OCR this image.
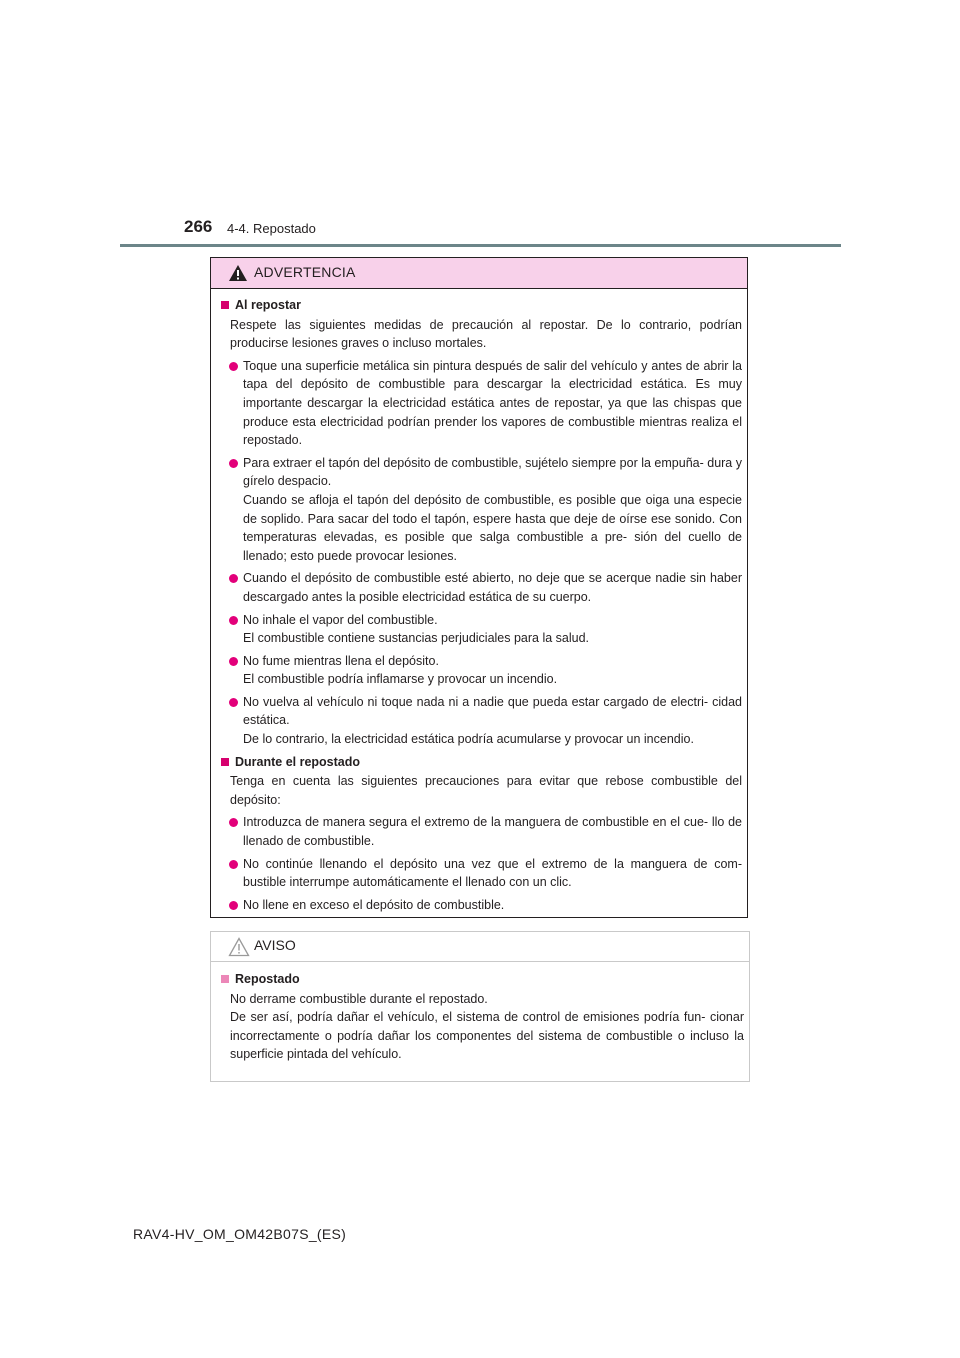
266 4-4. Repostado
ADVERTENCIA
Al repostar
Respete las siguientes medidas de precaución al repostar. De lo contrario, podrían producirse lesiones graves o incluso mortales.
Toque una superficie metálica sin pintura después de salir del vehículo y antes de abrir la tapa del depósito de combustible para descargar la electricidad estática. Es muy importante descargar la electricidad estática antes de repostar, ya que las chispas que produce esta electricidad podrían prender los vapores de combustible mientras realiza el repostado.
Para extraer el tapón del depósito de combustible, sujételo siempre por la empuña- dura y gírelo despacio.
Cuando se afloja el tapón del depósito de combustible, es posible que oiga una especie de soplido. Para sacar del todo el tapón, espere hasta que deje de oírse ese sonido. Con temperaturas elevadas, es posible que salga combustible a pre- sión del cuello de llenado; esto puede provocar lesiones.
Cuando el depósito de combustible esté abierto, no deje que se acerque nadie sin haber descargado antes la posible electricidad estática de su cuerpo.
No inhale el vapor del combustible.
El combustible contiene sustancias perjudiciales para la salud.
No fume mientras llena el depósito.
El combustible podría inflamarse y provocar un incendio.
No vuelva al vehículo ni toque nada ni a nadie que pueda estar cargado de electri- cidad estática.
De lo contrario, la electricidad estática podría acumularse y provocar un incendio.
Durante el repostado
Tenga en cuenta las siguientes precauciones para evitar que rebose combustible del depósito:
Introduzca de manera segura el extremo de la manguera de combustible en el cue- llo de llenado de combustible.
No continúe llenando el depósito una vez que el extremo de la manguera de com- bustible interrumpe automáticamente el llenado con un clic.
No llene en exceso el depósito de combustible.
AVISO
Repostado
No derrame combustible durante el repostado.
De ser así, podría dañar el vehículo, el sistema de control de emisiones podría fun- cionar incorrectamente o podría dañar los componentes del sistema de combustible o incluso la superficie pintada del vehículo.
RAV4-HV_OM_OM42B07S_(ES)
